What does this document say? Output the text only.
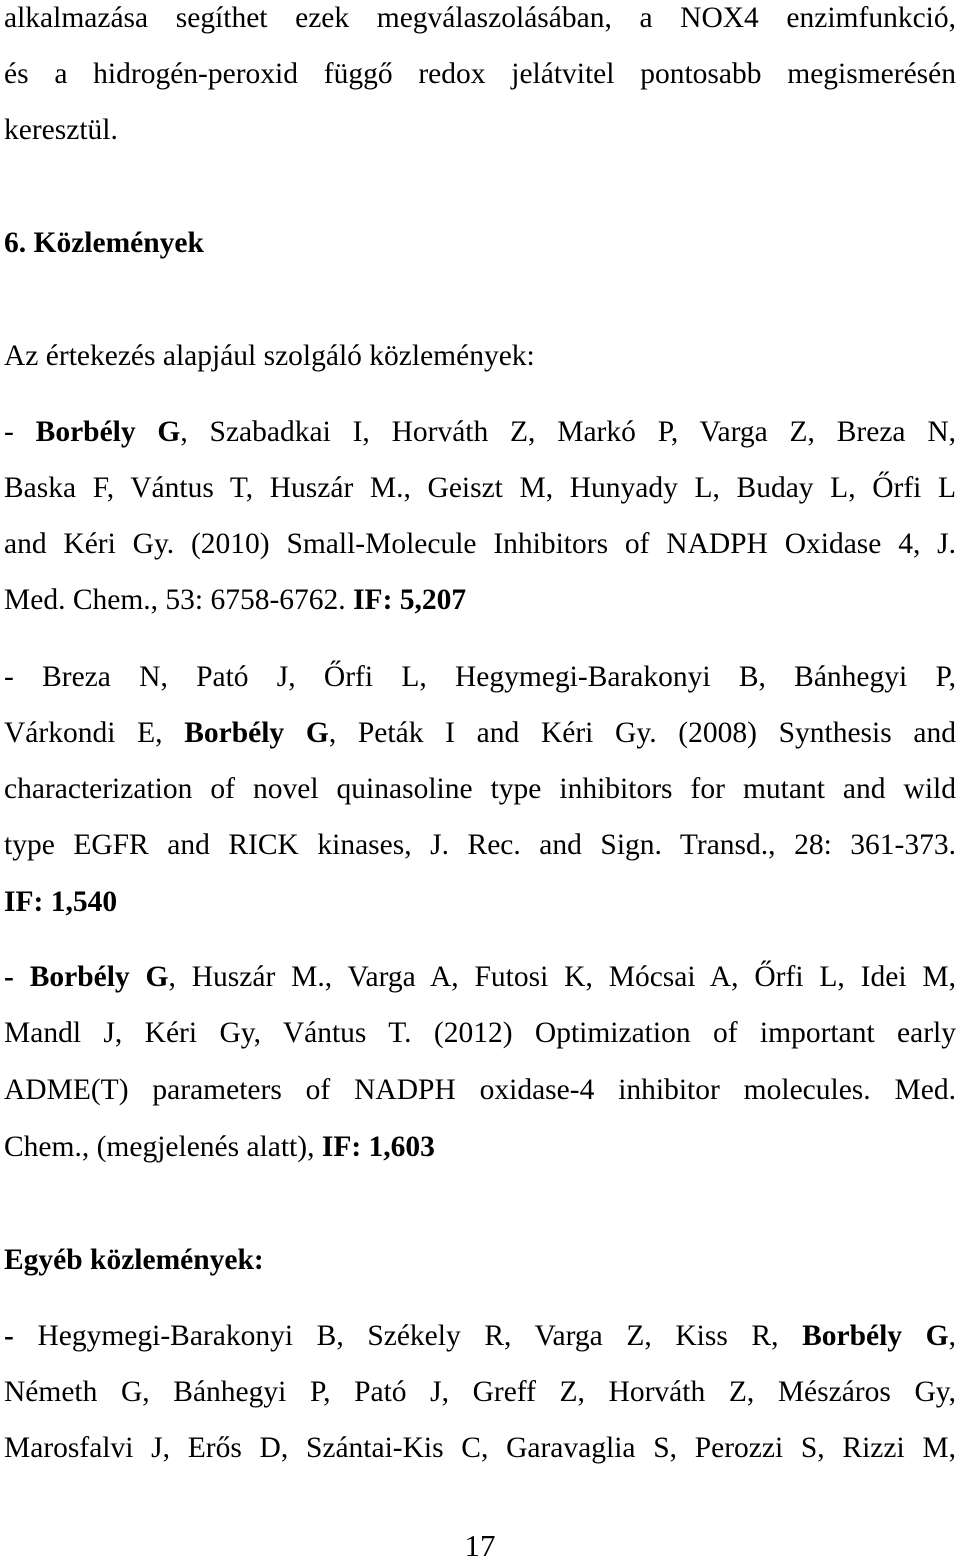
alkalmazása segíthet ezek megválaszolásában, a NOX4 enzimfunkció,
és a hidrogén-peroxid függő redox jelátvitel pontosabb megismerésén
keresztül.
6. Közlemények
Az értekezés alapjául szolgáló közlemények:
- Borbély G, Szabadkai I, Horváth Z, Markó P, Varga Z, Breza N,
Baska F, Vántus T, Huszár M., Geiszt M, Hunyady L, Buday L, Őrfi L
and Kéri Gy. (2010) Small-Molecule Inhibitors of NADPH Oxidase 4, J.
Med. Chem., 53: 6758-6762. IF: 5,207
- Breza N, Pató J, Őrfi L, Hegymegi-Barakonyi B, Bánhegyi P,
Várkondi E, Borbély G, Peták I and Kéri Gy. (2008) Synthesis and
characterization of novel quinasoline type inhibitors for mutant and wild
type EGFR and RICK kinases, J. Rec. and Sign. Transd., 28: 361-373.
IF: 1,540
- Borbély G, Huszár M., Varga A, Futosi K, Mócsai A, Őrfi L, Idei M,
Mandl J, Kéri Gy, Vántus T. (2012) Optimization of important early
ADME(T) parameters of NADPH oxidase-4 inhibitor molecules. Med.
Chem., (megjelenés alatt), IF: 1,603
Egyéb közlemények:
- Hegymegi-Barakonyi B, Székely R, Varga Z, Kiss R, Borbély G,
Németh G, Bánhegyi P, Pató J, Greff Z, Horváth Z, Mészáros Gy,
Marosfalvi J, Erős D, Szántai-Kis C, Garavaglia S, Perozzi S, Rizzi M,
17
